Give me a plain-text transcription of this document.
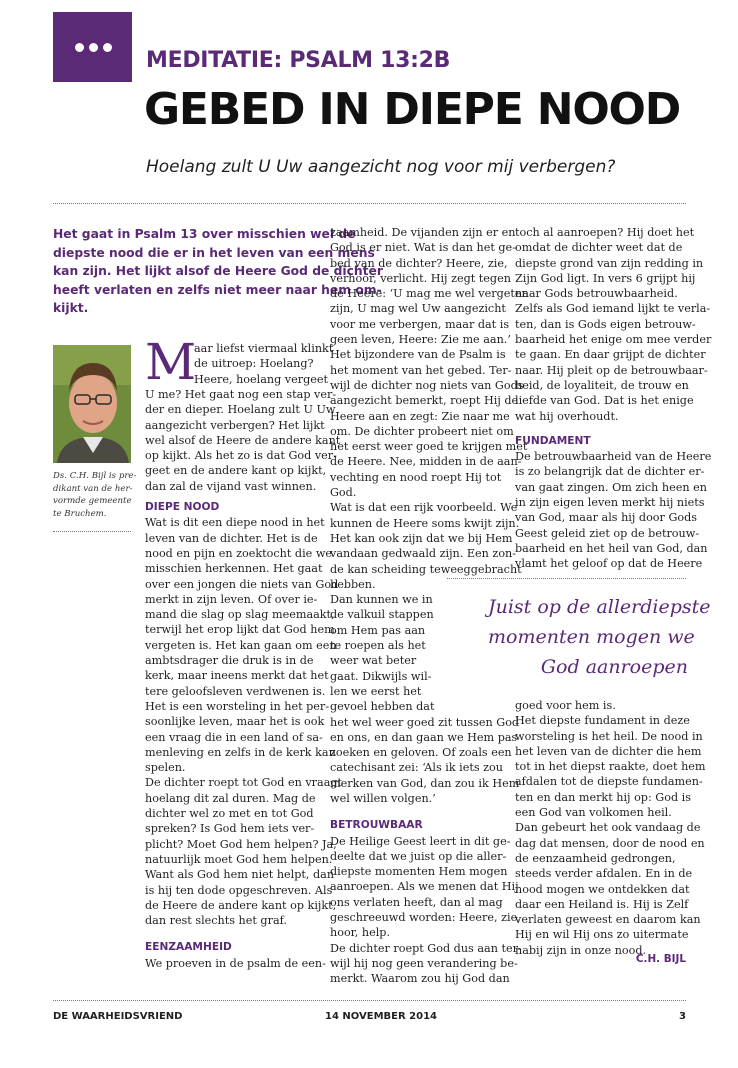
MEDITATIE: PSALM 13:2B
GEBED IN DIEPE NOOD
Hoelang zult U Uw aangezicht nog voor mij verbergen?
Het gaat in Psalm 13 over misschien wel de
diepste nood die er in het leven van een mens
kan zijn. Het lijkt alsof de Heere God de dichter
heeft verlaten en zelfs niet meer naar hem om-
kijkt.
Ds. C.H. Bijl is pre-
dikant van de her-
vormde gemeente
te Bruchem.
M
aar liefst viermaal klinkt
de uitroep: Hoelang?
Heere, hoelang vergeet
U me? Het gaat nog een stap ver-
der en dieper. Hoelang zult U Uw
aangezicht verbergen? Het lijkt
wel alsof de Heere de andere kant
op kijkt. Als het zo is dat God ver-
geet en de andere kant op kijkt,
dan zal de vijand vast winnen.
DIEPE NOOD
Wat is dit een diepe nood in het
leven van de dichter. Het is de
nood en pijn en zoektocht die we
misschien herkennen. Het gaat
over een jongen die niets van God
merkt in zijn leven. Of over ie-
mand die slag op slag meemaakt,
terwijl het erop lijkt dat God hem
vergeten is. Het kan gaan om een
ambtsdrager die druk is in de
kerk, maar ineens merkt dat het
tere geloofsleven verdwenen is.
Het is een worsteling in het per-
soonlijke leven, maar het is ook
een vraag die in een land of sa-
menleving en zelfs in de kerk kan
spelen.
De dichter roept tot God en vraagt
hoelang dit zal duren. Mag de
dichter wel zo met en tot God
spreken? Is God hem iets ver-
plicht? Moet God hem helpen? Ja,
natuurlijk moet God hem helpen.
Want als God hem niet helpt, dan
is hij ten dode opgeschreven. Als
de Heere de andere kant op kijkt,
dan rest slechts het graf.
EENZAAMHEID
We proeven in de psalm de een-
zaamheid. De vijanden zijn er en
God is er niet. Wat is dan het ge-
bed van de dichter? Heere, zie,
verhoor, verlicht. Hij zegt tegen
de Heere: ‘U mag me wel vergeten
zijn, U mag wel Uw aangezicht
voor me verbergen, maar dat is
geen leven, Heere: Zie me aan.’
Het bijzondere van de Psalm is
het moment van het gebed. Ter-
wijl de dichter nog niets van Gods
aangezicht bemerkt, roept Hij de
Heere aan en zegt: Zie naar me
om. De dichter probeert niet om
het eerst weer goed te krijgen met
de Heere. Nee, midden in de aan-
vechting en nood roept Hij tot
God.
Wat is dat een rijk voorbeeld. We
kunnen de Heere soms kwijt zijn.
Het kan ook zijn dat we bij Hem
vandaan gedwaald zijn. Een zon-
de kan scheiding teweeggebracht
hebben.
Dan kunnen we in
de valkuil stappen
om Hem pas aan
te roepen als het
weer wat beter
gaat. Dikwijls wil-
len we eerst het
gevoel hebben dat
het wel weer goed zit tussen God
en ons, en dan gaan we Hem pas
zoeken en geloven. Of zoals een
catechisant zei: ‘Als ik iets zou
merken van God, dan zou ik Hem
wel willen volgen.’
BETROUWBAAR
De Heilige Geest leert in dit ge-
deelte dat we juist op die aller-
diepste momenten Hem mogen
aanroepen. Als we menen dat Hij
ons verlaten heeft, dan al mag
geschreeuwd worden: Heere, zie,
hoor, help.
De dichter roept God dus aan ter-
wijl hij nog geen verandering be-
merkt. Waarom zou hij God dan
toch al aanroepen? Hij doet het
omdat de dichter weet dat de
diepste grond van zijn redding in
Zijn God ligt. In vers 6 grijpt hij
naar Gods betrouwbaarheid.
Zelfs als God iemand lijkt te verla-
ten, dan is Gods eigen betrouw-
baarheid het enige om mee verder
te gaan. En daar grijpt de dichter
naar. Hij pleit op de betrouwbaar-
heid, de loyaliteit, de trouw en
liefde van God. Dat is het enige
wat hij overhoudt.
FUNDAMENT
De betrouwbaarheid van de Heere
is zo belangrijk dat de dichter er-
van gaat zingen. Om zich heen en
in zijn eigen leven merkt hij niets
van God, maar als hij door Gods
Geest geleid ziet op de betrouw-
baarheid en het heil van God, dan
vlamt het geloof op dat de Heere
Juist op de allerdiepste
momenten mogen we
God aanroepen
goed voor hem is.
Het diepste fundament in deze
worsteling is het heil. De nood in
het leven van de dichter die hem
tot in het diepst raakte, doet hem
afdalen tot de diepste fundamen-
ten en dan merkt hij op: God is
een God van volkomen heil.
Dan gebeurt het ook vandaag de
dag dat mensen, door de nood en
de eenzaamheid gedrongen,
steeds verder afdalen. En in de
nood mogen we ontdekken dat
daar een Heiland is. Hij is Zelf
verlaten geweest en daarom kan
Hij en wil Hij ons zo uitermate
nabij zijn in onze nood.
C.H. BIJL
DE WAARHEIDSVRIEND	14 NOVEMBER 2014	3
